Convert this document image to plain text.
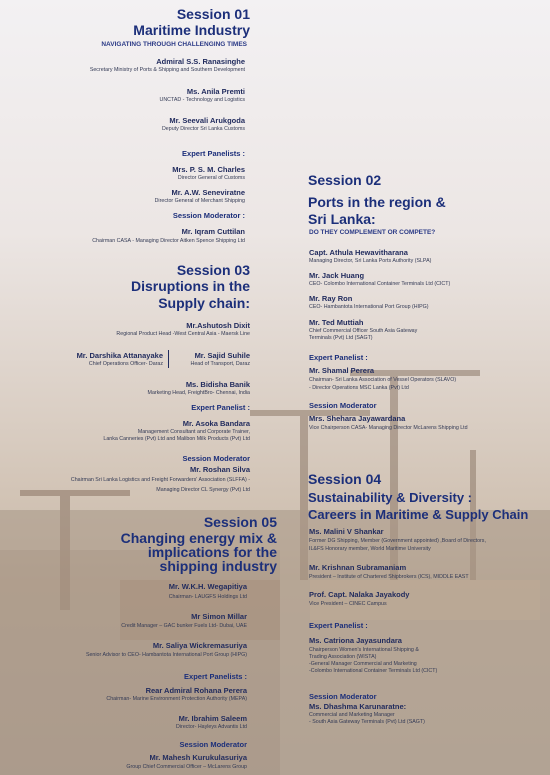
Session 01
Maritime Industry
NAVIGATING THROUGH CHALLENGING TIMES
Admiral S.S. Ranasinghe
Secretary Ministry of Ports & Shipping and Southern Development
Ms. Anila Premti
UNCTAD - Technology and Logistics
Mr. Seevali Arukgoda
Deputy Director Sri Lanka Customs
Expert Panelists :
Mrs. P. S. M. Charles
Director General of Customs
Mr. A.W. Seneviratne
Director General of Merchant Shipping
Session Moderator :
Mr. Iqram Cuttilan
Chairman CASA - Managing Director Aitken Spence Shipping Ltd
Session 03
Disruptions in the
Supply chain:
Mr.Ashutosh Dixit
Regional Product Head -West Central Asia - Maersk Line
Mr. Darshika Attanayake
Chief Operations Officer- Daraz
Mr. Sajid Suhile
Head of Transport, Daraz
Ms. Bidisha Banik
Marketing Head, FreightBro- Chennai, India
Expert Panelist :
Mr. Asoka Bandara
Management Consultant and Corporate Trainer,
Lanka Canneries (Pvt) Ltd and Malibon Milk Products (Pvt) Ltd
Session Moderator
Mr. Roshan Silva
Chairman Sri Lanka Logistics and Freight Forwarders' Association (SLFFA) -
Managing Director CL Synergy (Pvt) Ltd
Session 05
Changing energy mix &
implications for the
shipping industry
Mr. W.K.H. Wegapitiya
Chairman- LAUGFS Holdings Ltd
Mr Simon Millar
Credit Manager – GAC bunker Fuels Ltd- Dubai, UAE
Mr. Saliya Wickremasuriya
Senior Advisor to CEO- Hambantota International Port Group (HIPG)
Expert Panelists :
Rear Admiral Rohana Perera
Chairman- Marine Environment Protection Authority (MEPA)
Mr. Ibrahim Saleem
Director- Hayleys Advantis Ltd
Session Moderator
Mr. Mahesh Kurukulasuriya
Group Chief Commercial Officer – McLarens Group
Session 02
Ports in the region &
Sri Lanka:
DO THEY COMPLEMENT OR COMPETE?
Capt. Athula Hewavitharana
Managing Director, Sri Lanka Ports Authority (SLPA)
Mr. Jack Huang
CEO- Colombo International Container Terminals Ltd (CICT)
Mr. Ray Ron
CEO- Hambantota International Port Group (HIPG)
Mr. Ted Muttiah
Chief Commercial Officer South Asia Gateway
Terminals (Pvt) Ltd (SAGT)
Expert Panelist :
Mr. Shamal Perera
Chairman- Sri Lanka Association of Vessel Operators (SLAVO)
- Director Operations MSC Lanka (Pvt) Ltd
Session Moderator
Mrs. Shehara Jayawardana
Vice Chairperson CASA- Managing Director McLarens Shipping Ltd
Session 04
Sustainability & Diversity :
Careers in Maritime & Supply Chain
Ms. Malini V Shankar
Former DG Shipping, Member (Government appointed) ,Board of Directors,
IL&FS Honorary member, World Maritime University
Mr. Krishnan Subramaniam
President – Institute of Chartered Shipbrokers (ICS), MIDDLE EAST
Prof. Capt. Nalaka Jayakody
Vice President – CINEC Campus
Expert Panelist :
Ms. Catriona Jayasundara
Chairperson Women's International Shipping &
Trading Association (WISTA)
-General Manager Commercial and Marketing
-Colombo International Container Terminals Ltd (CICT)
Session Moderator
Ms. Dhashma Karunaratne:
Commercial and Marketing Manager
- South Asia Gateway Terminals (Pvt) Ltd (SAGT)
